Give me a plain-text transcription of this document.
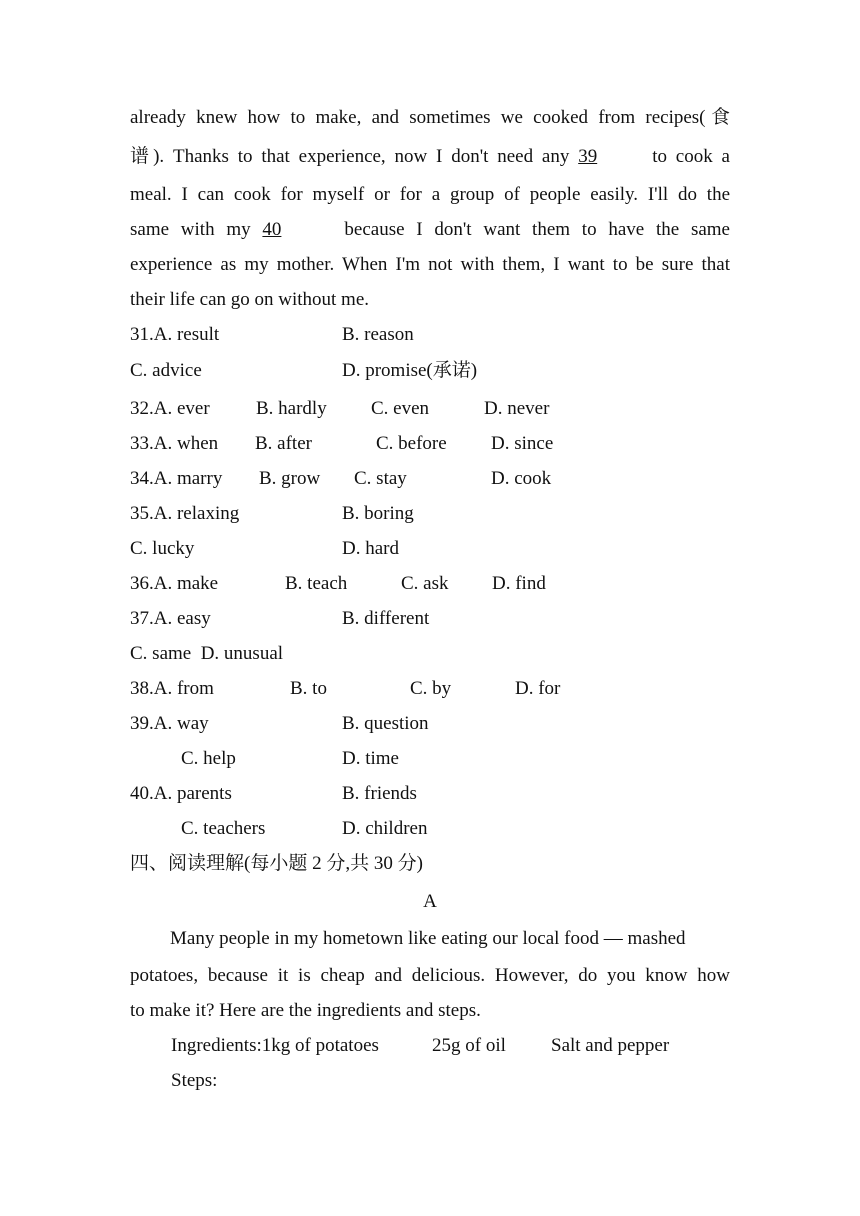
already knew how to make, and sometimes we cooked from recipes(食
谱). Thanks to that experience, now I don't need any 39	to cook a
meal. I can cook for myself or for a group of people easily. I'll do the
same with my 40	because I don't want them to have the same
experience as my mother. When I'm not with them, I want to be sure that
their life can go on without me.
31.A. result	B. reason
C. advice	D. promise(承诺)
32.A. ever B. hardly C. even	D. never
33.A. when B. after	C. before D. since
34.A. marry B. grow C. stay	D. cook
35.A. relaxing	B. boring
C. lucky	D. hard
36.A. make	B. teach	C. ask D. find
37.A. easy	B. different
C. same  D. unusual
38.A. from	B. to	C. by	D. for
39.A. way	B. question
C. help	D. time
40.A. parents	B. friends
C. teachers	D. children
四、阅读理解(每小题 2 分,共 30 分)
A
Many people in my hometown like eating our local food — mashed
potatoes, because it is cheap and delicious. However, do you know how
to make it? Here are the ingredients and steps.
Ingredients:1kg of potatoes	25g of oil Salt and pepper
Steps:
